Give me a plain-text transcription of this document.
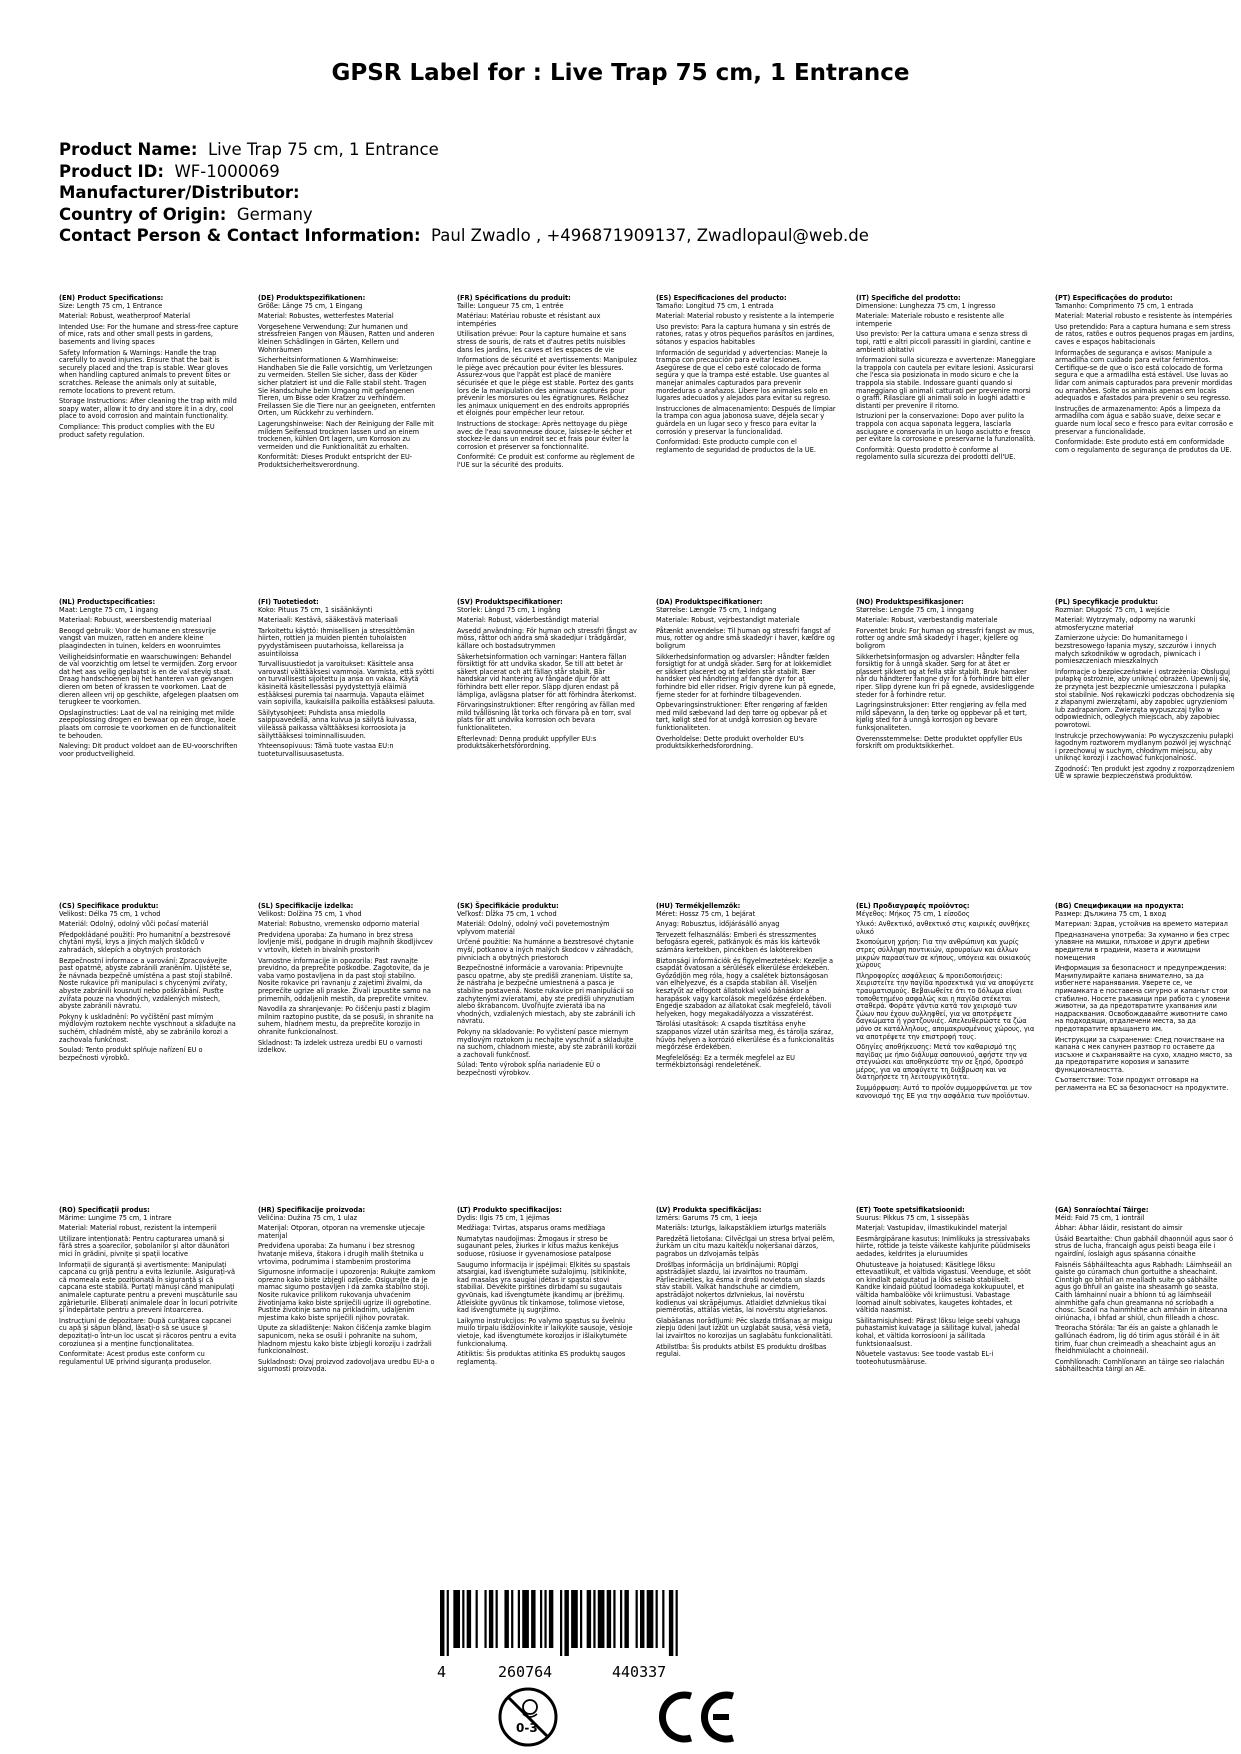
GPSR Label for : Live Trap 75 cm, 1 Entrance
Product Name: Live Trap 75 cm, 1 Entrance
Product ID: WF-1000069
Manufacturer/Distributor:
Country of Origin: Germany
Contact Person & Contact Information: Paul Zwadlo , +496871909137, Zwadlopaul@web.de
(EN) Product Specifications:

Size: Length 75 cm, 1 Entrance

Material: Robust, weatherproof Material

Intended Use: For the humane and stress-free capture of mice, rats and other small pests in gardens, basements and living spaces

Safety Information & Warnings: Handle the trap carefully to avoid injuries. Ensure that the bait is securely placed and the trap is stable. Wear gloves when handling captured animals to prevent bites or scratches. Release the animals only at suitable, remote locations to prevent return.

Storage Instructions: After cleaning the trap with mild soapy water, allow it to dry and store it in a dry, cool place to avoid corrosion and maintain functionality.

Compliance: This product complies with the EU product safety regulation.

(DE) Produktspezifikationen:

Größe: Länge 75 cm, 1 Eingang

Material: Robustes, wetterfestes Material

Vorgesehene Verwendung: Zur humanen und stressfreien Fangen von Mäusen, Ratten und anderen kleinen Schädlingen in Gärten, Kellern und Wohnräumen

Sicherheitsinformationen & Warnhinweise: Handhaben Sie die Falle vorsichtig, um Verletzungen zu vermeiden. Stellen Sie sicher, dass der Köder sicher platziert ist und die Falle stabil steht. Tragen Sie Handschuhe beim Umgang mit gefangenen Tieren, um Bisse oder Kratzer zu verhindern. Freilassen Sie die Tiere nur an geeigneten, entfernten Orten, um Rückkehr zu verhindern.

Lagerungshinweise: Nach der Reinigung der Falle mit mildem Seifensud trocknen lassen und an einem trockenen, kühlen Ort lagern, um Korrosion zu vermeiden und die Funktionalität zu erhalten.

Konformität: Dieses Produkt entspricht der EU-Produktsicherheitsverordnung.

(FR) Spécifications du produit:

Taille: Longueur 75 cm, 1 entrée

Matériau: Matériau robuste et résistant aux intempéries

Utilisation prévue: Pour la capture humaine et sans stress de souris, de rats et d'autres petits nuisibles dans les jardins, les caves et les espaces de vie

Informations de sécurité et avertissements: Manipulez le piège avec précaution pour éviter les blessures. Assurez-vous que l'appât est placé de manière sécurisée et que le piège est stable. Portez des gants lors de la manipulation des animaux capturés pour prévenir les morsures ou les égratignures. Relâchez les animaux uniquement en des endroits appropriés et éloignés pour empêcher leur retour.

Instructions de stockage: Après nettoyage du piège avec de l'eau savonneuse douce, laissez-le sécher et stockez-le dans un endroit sec et frais pour éviter la corrosion et préserver sa fonctionnalité.

Conformité: Ce produit est conforme au règlement de l'UE sur la sécurité des produits.

(ES) Especificaciones del producto:

Tamaño: Longitud 75 cm, 1 entrada

Material: Material robusto y resistente a la intemperie

Uso previsto: Para la captura humana y sin estrés de ratones, ratas y otros pequeños parásitos en jardines, sótanos y espacios habitables

Información de seguridad y advertencias: Maneje la trampa con precaución para evitar lesiones. Asegúrese de que el cebo esté colocado de forma segura y que la trampa esté estable. Use guantes al manejar animales capturados para prevenir mordeduras o arañazos. Libere los animales solo en lugares adecuados y alejados para evitar su regreso.

Instrucciones de almacenamiento: Después de limpiar la trampa con agua jabonosa suave, déjela secar y guárdela en un lugar seco y fresco para evitar la corrosión y preservar la funcionalidad.

Conformidad: Este producto cumple con el reglamento de seguridad de productos de la UE.

(IT) Specifiche del prodotto:

Dimensione: Lunghezza 75 cm, 1 ingresso

Materiale: Materiale robusto e resistente alle intemperie

Uso previsto: Per la cattura umana e senza stress di topi, ratti e altri piccoli parassiti in giardini, cantine e ambienti abitativi

Informazioni sulla sicurezza e avvertenze: Maneggiare la trappola con cautela per evitare lesioni. Assicurarsi che l'esca sia posizionata in modo sicuro e che la trappola sia stabile. Indossare guanti quando si maneggiano gli animali catturati per prevenire morsi o graffi. Rilasciare gli animali solo in luoghi adatti e distanti per prevenire il ritorno.

Istruzioni per la conservazione: Dopo aver pulito la trappola con acqua saponata leggera, lasciarla asciugare e conservarla in un luogo asciutto e fresco per evitare la corrosione e preservarne la funzionalità.

Conformità: Questo prodotto è conforme al regolamento sulla sicurezza dei prodotti dell'UE.

(PT) Especificações do produto:

Tamanho: Comprimento 75 cm, 1 entrada

Material: Material robusto e resistente às intempéries

Uso pretendido: Para a captura humana e sem stress de ratos, ratões e outros pequenos pragas em jardins, caves e espaços habitacionais

Informações de segurança e avisos: Manipule a armadilha com cuidado para evitar ferimentos. Certifique-se de que o isco está colocado de forma segura e que a armadilha está estável. Use luvas ao lidar com animais capturados para prevenir mordidas ou arranhões. Solte os animais apenas em locais adequados e afastados para prevenir o seu regresso.

Instruções de armazenamento: Após a limpeza da armadilha com água e sabão suave, deixe secar e guarde num local seco e fresco para evitar corrosão e preservar a funcionalidade.

Conformidade: Este produto está em conformidade com o regulamento de segurança de produtos da UE.

(NL) Productspecificaties:

Maat: Lengte 75 cm, 1 ingang

Materiaal: Robuust, weersbestendig materiaal

Beoogd gebruik: Voor de humane en stressvrije vangst van muizen, ratten en andere kleine plaagindecten in tuinen, kelders en woonruimtes

Veiligheidsinformatie en waarschuwingen: Behandel de val voorzichtig om letsel te vermijden. Zorg ervoor dat het aas veilig geplaatst is en de val stevig staat. Draag handschoenen bij het hanteren van gevangen dieren om beten of krassen te voorkomen. Laat de dieren alleen vrij op geschikte, afgelegen plaatsen om terugkeer te voorkomen.

Opslaginstructies: Laat de val na reiniging met milde zeepoplossing drogen en bewaar op een droge, koele plaats om corrosie te voorkomen en de functionaliteit te behouden.

Naleving: Dit product voldoet aan de EU-voorschriften voor productveiligheid.

(FI) Tuotetiedot:

Koko: Pituus 75 cm, 1 sisäänkäynti

Materiaali: Kestävä, sääkestävä materiaali

Tarkoitettu käyttö: Ihmisellisen ja stressittömän hiirten, rottien ja muiden pienten tuholaisten pyydystämiseen puutarhoissa, kellareissa ja asuintiloissa

Turvallisuustiedot ja varoitukset: Käsittele ansa varovasti välttääksesi vammoja. Varmista, että syötti on turvallisesti sijoitettu ja ansa on vakaa. Käytä käsineitä käsitellessäsi pyydystettyjä eläimiä estääksesi puremia tai naarmuja. Vapauta eläimet vain sopivilla, kaukaisilla paikoilla estääksesi paluuta.

Säilytysohjeet: Puhdista ansa miedolla saippuavedellä, anna kuivua ja säilytä kuivassa, viileässä paikassa välttääksesi korroosiota ja säilyttääksesi toiminnallisuuden.

Yhteensopivuus: Tämä tuote vastaa EU:n tuoteturvallisuusasetusta.

(SV) Produktspecifikationer:

Storlek: Längd 75 cm, 1 ingång

Material: Robust, väderbeständigt material

Avsedd användning: För human och stressfri fångst av möss, råttor och andra små skadedjur i trädgårdar, källare och bostadsutrymmen

Säkerhetsinformation och varningar: Hantera fällan försiktigt för att undvika skador. Se till att betet är säkert placerat och att fällan står stabilt. Bär handskar vid hantering av fångade djur för att förhindra bett eller repor. Släpp djuren endast på lämpliga, avlägsna platser för att förhindra återkomst.

Förvaringsinstruktioner: Efter rengöring av fällan med mild tvållösning låt torka och förvara på en torr, sval plats för att undvika korrosion och bevara funktionaliteten.

Efterlevnad: Denna produkt uppfyller EU:s produktsäkerhetsförordning.

(DA) Produktspecifikationer:

Størrelse: Længde 75 cm, 1 indgang

Materiale: Robust, vejrbestandigt materiale

Påtænkt anvendelse: Til human og stressfri fangst af mus, rotter og andre små skadedyr i haver, kældre og boligrum

Sikkerhedsinformation og advarsler: Håndter fælden forsigtigt for at undgå skader. Sørg for at lokkemidlet er sikkert placeret og at fælden står stabilt. Bær handsker ved håndtering af fangne dyr for at forhindre bid eller ridser. Frigiv dyrene kun på egnede, fjerne steder for at forhindre tilbagevenden.

Opbevaringsinstruktioner: Efter rengøring af fælden med mild sæbevand lad den tørre og opbevar på et tørt, køligt sted for at undgå korrosion og bevare funktionaliteten.

Overholdelse: Dette produkt overholder EU's produktsikkerhedsforordning.

(NO) Produktspesifikasjoner:

Størrelse: Lengde 75 cm, 1 inngang

Materiale: Robust, værbestandig materiale

Forventet bruk: For human og stressfri fangst av mus, rotter og andre små skadedyr i hager, kjellere og boligrom

Sikkerhetsinformasjon og advarsler: Håndter fella forsiktig for å unngå skader. Sørg for at åtet er plassert sikkert og at fella står stabilt. Bruk hansker når du håndterer fangne dyr for å forhindre bitt eller riper. Slipp dyrene kun fri på egnede, avsidesliggende steder for å forhindre retur.

Lagringsinstruksjoner: Etter rengjøring av fella med mild såpevann, la den tørke og oppbevar på et tørt, kjølig sted for å unngå korrosjon og bevare funksjonaliteten.

Overensstemmelse: Dette produktet oppfyller EUs forskrift om produktsikkerhet.

(PL) Specyfikacje produktu:

Rozmiar: Długość 75 cm, 1 wejście

Materiał: Wytrzymały, odporny na warunki atmosferyczne materiał

Zamierzone użycie: Do humanitarnego i bezstresowego łapania myszy, szczurów i innych małych szkodników w ogrodach, piwnicach i pomieszczeniach mieszkalnych

Informacje o bezpieczeństwie i ostrzeżenia: Obsługuj pułapkę ostrożnie, aby uniknąć obrażeń. Upewnij się, że przynęta jest bezpiecznie umieszczona i pułapka stoi stabilnie. Noś rękawiczki podczas obchodzenia się z złapanymi zwierzętami, aby zapobiec ugryzieniom lub zadrapaniom. Zwierzęta wypuszczaj tylko w odpowiednich, odległych miejscach, aby zapobiec powrotowi.

Instrukcje przechowywania: Po wyczyszczeniu pułapki łagodnym roztworem mydlanym pozwól jej wyschnąć i przechowuj w suchym, chłodnym miejscu, aby uniknąć korozji i zachować funkcjonalność.

Zgodność: Ten produkt jest zgodny z rozporządzeniem UE w sprawie bezpieczeństwa produktów.

(CS) Specifikace produktu:

Velikost: Délka 75 cm, 1 vchod

Materiál: Odolný, odolný vůči počasí materiál

Předpokládané použití: Pro humanitní a bezstresové chytání myší, krys a jiných malých škůdců v zahradách, sklepích a obytných prostorách

Bezpečnostní informace a varování: Zpracovávejte past opatrně, abyste zabránili zraněním. Ujistěte se, že návnada bezpečně umístěna a past stojí stabilně. Noste rukavice při manipulaci s chycenými zvířaty, abyste zabránili kousnutí nebo poškrábání. Pusťte zvířata pouze na vhodných, vzdálených místech, abyste zabránili návratu.

Pokyny k uskladnění: Po vyčištění past mírným mýdlovým roztokem nechte vyschnout a skladujte na suchém, chladném místě, aby se zabránilo korozi a zachovala funkčnost.

Soulad: Tento produkt splňuje nařízení EU o bezpečnosti výrobků.

(SL) Specifikacije izdelka:

Velikost: Dolžina 75 cm, 1 vhod

Material: Robustno, vremensko odporno material

Predvidena uporaba: Za humano in brez stresa lovljenje miši, podgane in drugih majhnih škodljivcev v vrtovih, kleteh in bivalnih prostorih

Varnostne informacije in opozorila: Past ravnajte previdno, da preprečite poškodbe. Zagotovite, da je vaba varno postavljena in da past stoji stabilno. Nosite rokavice pri ravnanju z zajetimi živalmi, da preprečite ugrize ali praske. Živali izpustite samo na primernih, oddaljenih mestih, da preprečite vrnitev.

Navodila za shranjevanje: Po čiščenju pasti z blagim milnim raztopino pustite, da se posuši, in shranite na suhem, hladnem mestu, da preprečite korozijo in ohranite funkcionalnost.

Skladnost: Ta izdelek ustreza uredbi EU o varnosti izdelkov.

(SK) Špecifikácie produktu:

Veľkosť: Dĺžka 75 cm, 1 vchod

Materiál: Odolný, odolný voči poveternostným vplyvom materiál

Určené použitie: Na humánne a bezstresové chytanie myší, potkanov a iných malých škodcov v záhradách, pivniciach a obytných priestoroch

Bezpečnostné informácie a varovania: Pripevnujte pascu opatrne, aby ste predišli zraneniam. Uistite sa, že nástraha je bezpečne umiestnená a pasca je stabilne postavená. Noste rukavice pri manipulácii so zachytenými zvieratami, aby ste predišli uhryznutiam alebo škrabancom. Uvoľňujte zvieratá iba na vhodných, vzdialených miestach, aby ste zabránili ich návratu.

Pokyny na skladovanie: Po vyčistení pasce miernym mydlovým roztokom ju nechajte vyschnúť a skladujte na suchom, chladnom mieste, aby ste zabránili korózii a zachovali funkčnosť.

Súlad: Tento výrobok spĺňa nariadenie EÚ o bezpečnosti výrobkov.

(HU) Termékjellemzők:

Méret: Hossz 75 cm, 1 bejárat

Anyag: Robusztus, időjárásálló anyag

Tervezett felhasználás: Emberi és stresszmentes befogásra egerek, patkányok és más kis kártevők számára kertekben, pincékben és lakóterekben

Biztonsági információk és figyelmeztetések: Kezelje a csapdát óvatosan a sérülések elkerülése érdekében. Győződjön meg róla, hogy a csalétek biztonságosan van elhelyezve, és a csapda stabilan áll. Viseljen kesztyűt az elfogott állatokkal való bánáskor a harapások vagy karcolások megelőzése érdekében. Engedje szabadon az állatokat csak megfelelő, távoli helyeken, hogy megakadályozza a visszatérést.

Tárolási utasítások: A csapda tisztítása enyhe szappanos vízzel után szárítsa meg, és tárolja száraz, hűvös helyen a korrózió elkerülése és a funkcionalitás megőrzése érdekében.

Megfelelőség: Ez a termék megfelel az EU termékbiztonsági rendeletének.

(EL) Προδιαγραφές προϊόντος:

Μέγεθος: Μήκος 75 cm, 1 είσοδος

Υλικό: Ανθεκτικό, ανθεκτικό στις καιρικές συνθήκες υλικό

Σκοπούμενη χρήση: Για την ανθρώπινη και χωρίς στρες σύλληψη ποντικιών, αρουραίων και άλλων μικρών παρασίτων σε κήπους, υπόγεια και οικιακούς χώρους

Πληροφορίες ασφάλειας & προειδοποιήσεις: Χειριστείτε την παγίδα προσεκτικά για να αποφύγετε τραυματισμούς. Βεβαιωθείτε ότι το δόλωμα είναι τοποθετημένο ασφαλώς και η παγίδα στέκεται σταθερά. Φοράτε γάντια κατά τον χειρισμό των ζώων που έχουν συλληφθεί, για να αποτρέψετε δαγκώματα ή γρατζουνιές. Απελευθερώστε τα ζώα μόνο σε κατάλληλους, απομακρυσμένους χώρους, για να αποτρέψετε την επιστροφή τους.

Οδηγίες αποθήκευσης: Μετά τον καθαρισμό της παγίδας με ήπιο διάλυμα σαπουνιού, αφήστε την να στεγνώσει και αποθηκεύστε την σε ξηρό, δροσερό μέρος, για να αποφύγετε τη διάβρωση και να διατηρήσετε τη λειτουργικότητα.

Συμμόρφωση: Αυτό το προϊόν συμμορφώνεται με τον κανονισμό της ΕΕ για την ασφάλεια των προϊόντων.

(BG) Спецификации на продукта:

Размер: Дължина 75 cm, 1 вход

Материал: Здрав, устойчив на времето материал

Предназначена употреба: За хуманно и без стрес улавяне на мишки, плъхове и други дребни вредители в градини, мазета и жилищни помещения

Информация за безопасност и предупреждения: Манипулирайте капана внимателно, за да избегнете наранявания. Уверете се, че примамката е поставена сигурно и капанът стои стабилно. Носете ръкавици при работа с уловени животни, за да предотвратите ухапвания или надрасквания. Освобождавайте животните само на подходящи, отдалечени места, за да предотвратите връщането им.

Инструкции за съхранение: След почистване на капана с мек сапунен разтвор го оставете да изсъхне и съхранявайте на сухо, хладно място, за да предотвратите корозия и запазите функционалността.

Съответствие: Този продукт отговаря на регламента на ЕС за безопасност на продуктите.

(RO) Specificații produs:

Mărime: Lungime 75 cm, 1 intrare

Material: Material robust, rezistent la intemperii

Utilizare intenționată: Pentru capturarea umană și fără stres a șoarecilor, șobolanilor și altor dăunători mici în grădini, pivnițe și spații locative

Informații de siguranță și avertismente: Manipulați capcana cu grijă pentru a evita leziunile. Asigurați-vă că momeala este poziționată în siguranță și că capcana este stabilă. Purtați mănuși când manipulați animalele capturate pentru a preveni mușcăturile sau zgârieturile. Eliberați animalele doar în locuri potrivite și îndepărtate pentru a preveni întoarcerea.

Instrucțiuni de depozitare: După curățarea capcanei cu apă și săpun blând, lăsați-o să se usuce și depozitați-o într-un loc uscat și răcoros pentru a evita coroziunea și a menține funcționalitatea.

Conformitate: Acest produs este conform cu regulamentul UE privind siguranța produselor.

(HR) Specifikacije proizvoda:

Veličina: Dužina 75 cm, 1 ulaz

Materijal: Otporan, otporan na vremenske utjecaje materijal

Predviđena uporaba: Za humanu i bez stresnog hvatanje miševa, štakora i drugih malih štetnika u vrtovima, podrumima i stambenim prostorima

Sigurnosne informacije i upozorenja: Rukujte zamkom oprezno kako biste izbjegli ozljede. Osigurajte da je mamac sigurno postavljen i da zamka stabilno stoji. Nosite rukavice prilikom rukovanja uhvaćenim životinjama kako biste spriječili ugrize ili ogrebotine. Pustite životinje samo na prikladnim, udaljenim mjestima kako biste spriječili njihov povratak.

Upute za skladištenje: Nakon čišćenja zamke blagim sapunicom, neka se osuši i pohranite na suhom, hladnom mjestu kako biste izbjegli koroziju i zadržali funkcionalnost.

Sukladnost: Ovaj proizvod zadovoljava uredbu EU-a o sigurnosti proizvoda.

(LT) Produkto specifikacijos:

Dydis: Ilgis 75 cm, 1 įėjimas

Medžiaga: Tvirtas, atsparus orams medžiaga

Numatytas naudojimas: Žmogaus ir streso be sugaunant peles, žiurkes ir kitus mažus kenkėjus soduose, rūsiuose ir gyvenamosiose patalpose

Saugumo informacija ir įspėjimai: Elkitės su spąstais atsargiai, kad išvengtumėte sužalojimų. Įsitikinkite, kad masalas yra saugiai įdėtas ir spąstai stovi stabiliai. Dėvėkite pirštines dirbdami su sugautais gyvūnais, kad išvengtumėte įkandimų ar įbrėžimų. Atleiskite gyvūnus tik tinkamose, tolimose vietose, kad išvengtumėte jų sugrįžimo.

Laikymo instrukcijos: Po valymo spąstus su švelniu muilo tirpalu išdžiovinkite ir laikykite sausoje, vėsioje vietoje, kad išvengtumėte korozijos ir išlaikytumėte funkcionalumą.

Atitiktis: Šis produktas atitinka ES produktų saugos reglamentą.

(LV) Produkta specifikācijas:

Izmērs: Garums 75 cm, 1 ieeja

Materiāls: Izturīgs, laikapstākliem izturīgs materiāls

Paredzētā lietošana: Cilvēcīgai un stresa brīvai pelēm, žurkām un citu mazu kaitēkļu noķeršanai dārzos, pagrabos un dzīvojamās telpās

Drošības informācija un brīdinājumi: Rūpīgi apstrādājiet slazdu, lai izvairītos no traumām. Pārliecinieties, ka ēsma ir droši novietota un slazds stāv stabili. Valkāt handschuhe ar cimdiem, apstrādājot noķertos dzīvniekus, lai novērstu kodienus vai skrāpējumus. Atlaidiet dzīvniekus tikai piemērotās, attālās vietās, lai novērstu atgriešanos.

Glabāšanas norādījumi: Pēc slazda tīrīšanas ar maigu ziepju ūdeni ļaut izžūt un uzglabāt sausā, vēsā vietā, lai izvairītos no korozijas un saglabātu funkcionalitāti.

Atbilstība: Šis produkts atbilst ES produktu drošības regulai.

(ET) Toote spetsifikatsioonid:

Suurus: Pikkus 75 cm, 1 sissepääs

Materjal: Vastupidav, ilmastikukindel materjal

Eesmärgipärane kasutus: Inimlikuks ja stressivabaks hiirte, rottide ja teiste väikeste kahjurite püüdmiseks aedades, keldrites ja eluruumides

Ohutusteave ja hoiatused: Käsitlege lõksu ettevaatlikult, et vältida vigastusi. Veenduge, et sööt on kindlalt paigutatud ja lõks seisab stabiilselt. Kandke kindaid püütud loomadega kokkupuutel, et vältida hambalööke või kriimustusi. Vabastage loomad ainult sobivates, kaugetes kohtades, et vältida naasmist.

Säilitamisjuhised: Pärast lõksu leige seebi vahuga puhastamist kuivatage ja säilitage kuival, jahedal kohal, et vältida korrosiooni ja säilitada funktsionaalsust.

Nõuetele vastavus: See toode vastab EL-i tooteohutusmääruse.

(GA) Sonraíochtaí Táirge:

Méid: Faid 75 cm, 1 iontráil

Ábhar: Ábhar láidir, resistant do aimsir

Úsáid Beartaithe: Chun gabháil dhaonnúil agus saor ó strus de lucha, francaigh agus peisti beaga eile i ngairdíní, íoslaigh agus spásanna cónaithe

Faisnéis Sábháilteachta agus Rabhadh: Láimhseáil an gaiste go cúramach chun gortuithe a sheachaint. Cinntigh go bhfuil an mealladh suite go sábháilte agus go bhfuil an gaiste ina sheasamh go seasta. Caith lámhainní nuair a bhíonn tú ag láimhseáil ainmhithe gafa chun greamanna nó scríobadh a chosc. Scaoil na hainmhithe ach amháin in áiteanna oiriúnacha, i bhfad ar shiúl, chun filleadh a chosc.

Treoracha Stórála: Tar éis an gaiste a ghlanadh le gallúnach éadrom, lig dó tirim agus stóráil é in áit tirim, fuar chun creimeadh a sheachaint agus an fheidhmiúlacht a choinneáil.

Comhlíonadh: Comhlíonann an táirge seo rialachán sábháilteachta táirgí an AE.

4	260764	440337
0-3
